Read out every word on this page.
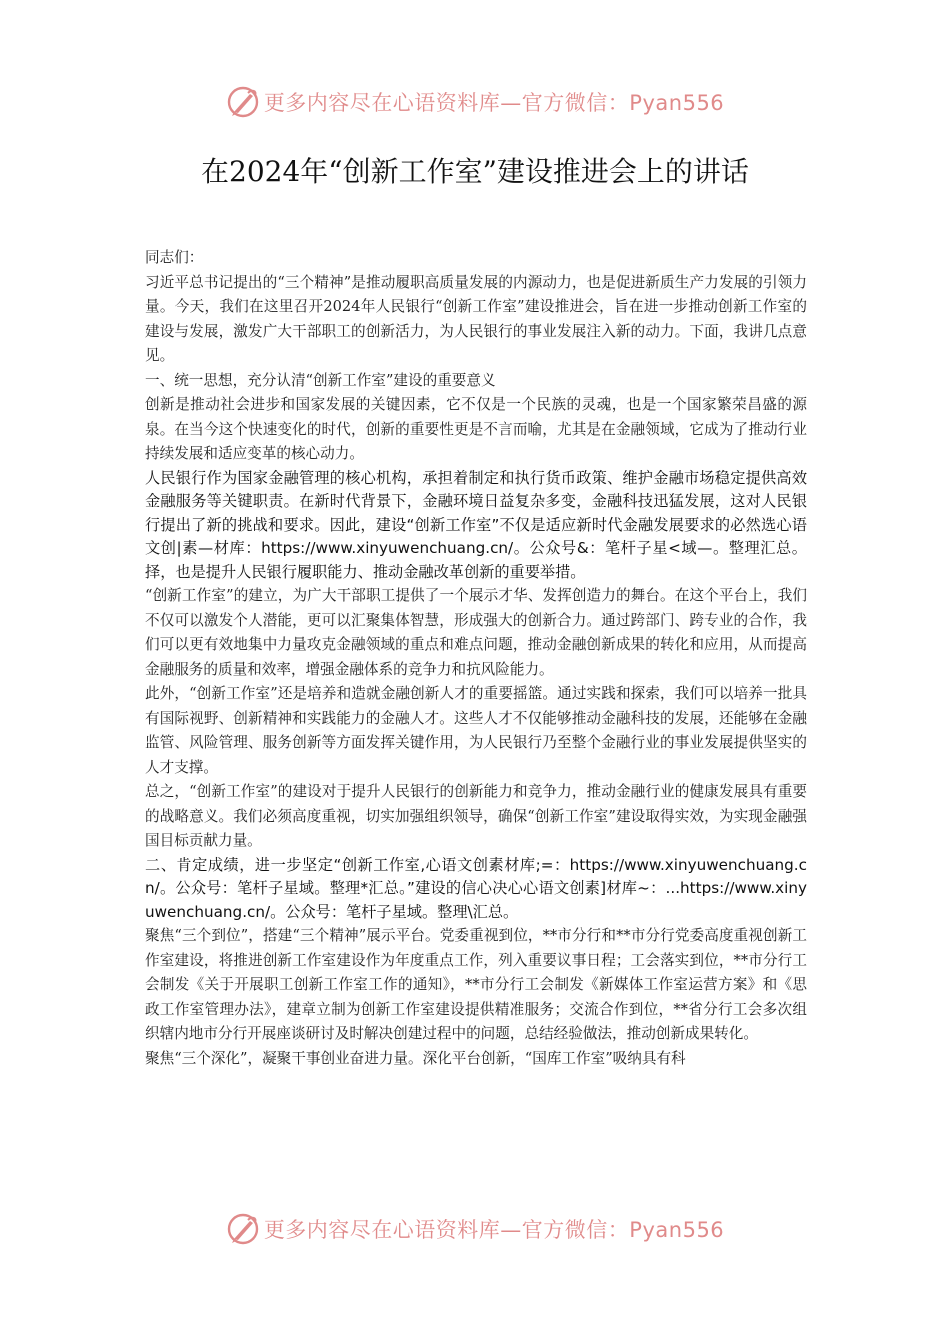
更多内容尽在心语资料库—官方微信：Pyan556
在2024年“创新工作室”建设推进会上的讲话

同志们：

习近平总书记提出的“三个精神”是推动履职高质量发展的内源动力，也是促进新质生产力发展的引领力量。今天，我们在这里召开2024年人民银行“创新工作室”建设推进会，旨在进一步推动创新工作室的建设与发展，激发广大干部职工的创新活力，为人民银行的事业发展注入新的动力。下面，我讲几点意见。

一、统一思想，充分认清“创新工作室”建设的重要意义

创新是推动社会进步和国家发展的关键因素，它不仅是一个民族的灵魂，也是一个国家繁荣昌盛的源泉。在当今这个快速变化的时代，创新的重要性更是不言而喻，尤其是在金融领域，它成为了推动行业持续发展和适应变革的核心动力。

人民银行作为国家金融管理的核心机构，承担着制定和执行货币政策、维护金融市场稳定提供高效金融服务等关键职责。在新时代背景下，金融环境日益复杂多变，金融科技迅猛发展，这对人民银行提出了新的挑战和要求。因此，建设“创新工作室”不仅是适应新时代金融发展要求的必然选心语文创|素—材库：https://www.xinyuwenchuang.cn/。公众号&：笔杆子星<域—。整理汇总。择，也是提升人民银行履职能力、推动金融改革创新的重要举措。

“创新工作室”的建立，为广大干部职工提供了一个展示才华、发挥创造力的舞台。在这个平台上，我们不仅可以激发个人潜能，更可以汇聚集体智慧，形成强大的创新合力。通过跨部门、跨专业的合作，我们可以更有效地集中力量攻克金融领域的重点和难点问题，推动金融创新成果的转化和应用，从而提高金融服务的质量和效率，增强金融体系的竞争力和抗风险能力。

此外，“创新工作室”还是培养和造就金融创新人才的重要摇篮。通过实践和探索，我们可以培养一批具有国际视野、创新精神和实践能力的金融人才。这些人才不仅能够推动金融科技的发展，还能够在金融监管、风险管理、服务创新等方面发挥关键作用，为人民银行乃至整个金融行业的事业发展提供坚实的人才支撑。

总之，“创新工作室”的建设对于提升人民银行的创新能力和竞争力，推动金融行业的健康发展具有重要的战略意义。我们必须高度重视，切实加强组织领导，确保“创新工作室”建设取得实效，为实现金融强国目标贡献力量。

二、肯定成绩，进一步坚定“创新工作室,心语文创素材库;=：https://www.xinyuwenchuang.cn/。公众号：笔杆子星域。整理*汇总。”建设的信心决心心语文创素]材库~：...https://www.xinyuwenchuang.cn/。公众号：笔杆子星域。整理\汇总。

聚焦“三个到位”，搭建“三个精神”展示平台。党委重视到位，**市分行和**市分行党委高度重视创新工作室建设，将推进创新工作室建设作为年度重点工作，列入重要议事日程；工会落实到位，**市分行工会制发《关于开展职工创新工作室工作的通知》，**市分行工会制发《新媒体工作室运营方案》和《思政工作室管理办法》，建章立制为创新工作室建设提供精准服务；交流合作到位，**省分行工会多次组织辖内地市分行开展座谈研讨及时解决创建过程中的问题，总结经验做法，推动创新成果转化。

聚焦“三个深化”，凝聚干事创业奋进力量。深化平台创新，“国库工作室”吸纳具有科

更多内容尽在心语资料库—官方微信：Pyan556
